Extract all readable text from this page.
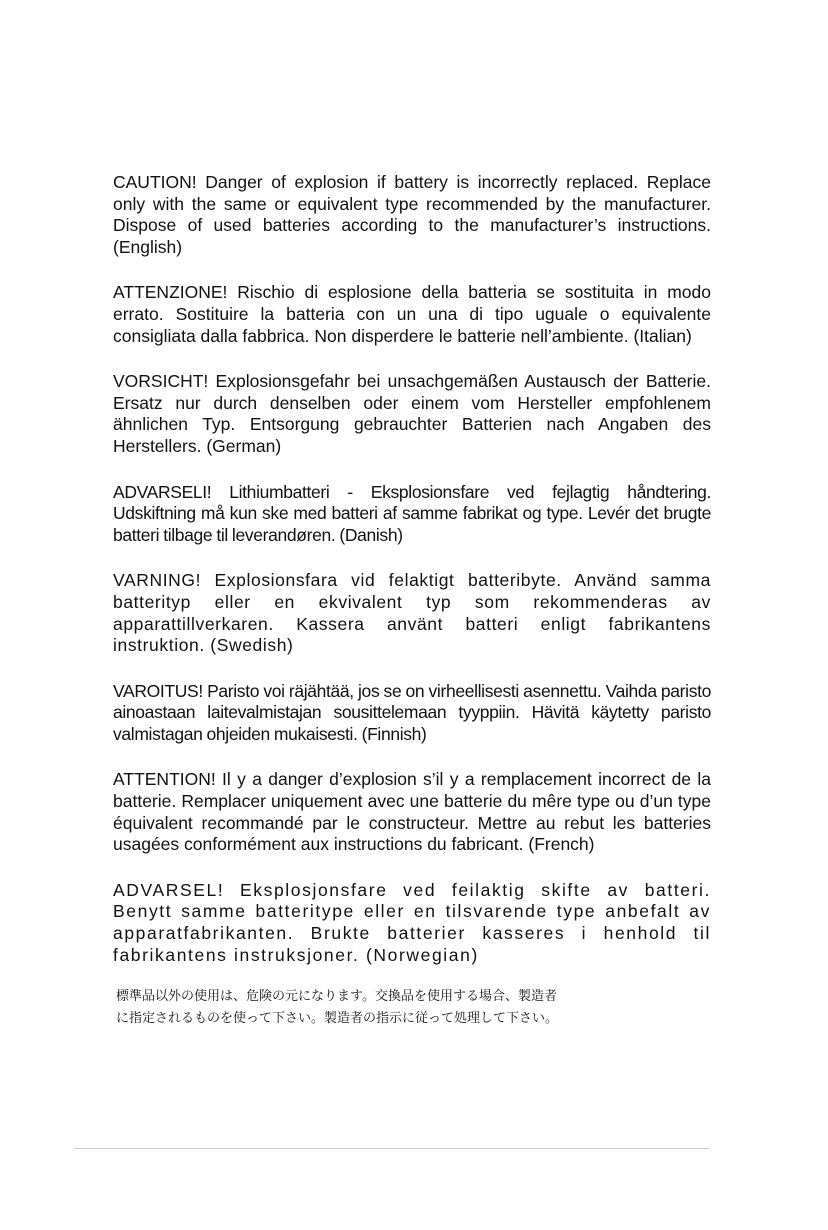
CAUTION! Danger of explosion if battery is incorrectly replaced. Replace only with the same or equivalent type recommended by the manufacturer. Dispose of used batteries according to the manufacturer’s instructions. (English)

ATTENZIONE! Rischio di esplosione della batteria se sostituita in modo errato. Sostituire la batteria con un una di tipo uguale o equivalente consigliata dalla fabbrica. Non disperdere le batterie nell’ambiente. (Italian)

VORSICHT! Explosionsgefahr bei unsachgemäßen Austausch der Batterie. Ersatz nur durch denselben oder einem vom Hersteller empfohlenem ähnlichen Typ. Entsorgung gebrauchter Batterien nach Angaben des Herstellers. (German)

ADVARSELI! Lithiumbatteri - Eksplosionsfare ved fejlagtig håndtering. Udskiftning må kun ske med batteri af samme fabrikat og type. Levér det brugte batteri tilbage til leverandøren. (Danish)

VARNING! Explosionsfara vid felaktigt batteribyte. Använd samma batterityp eller en ekvivalent typ som rekommenderas av apparattillverkaren. Kassera använt batteri enligt fabrikantens instruktion. (Swedish)

VAROITUS! Paristo voi räjähtää, jos se on virheellisesti asennettu. Vaihda paristo ainoastaan laitevalmistajan sousittelemaan tyyppiin. Hävitä käytetty paristo valmistagan ohjeiden mukaisesti. (Finnish)

ATTENTION! Il y a danger d’explosion s’il y a remplacement incorrect de la batterie. Remplacer uniquement avec une batterie du mêre type ou d’un type équivalent recommandé par le constructeur. Mettre au rebut les batteries usagées conformément aux instructions du fabricant. (French)

ADVARSEL! Eksplosjonsfare ved feilaktig skifte av batteri. Benytt samme batteritype eller en tilsvarende type anbefalt av apparatfabrikanten. Brukte batterier kasseres i henhold til fabrikantens instruksjoner. (Norwegian)

標準品以外の使用は、危険の元になります。交換品を使用する場合、製造者
に指定されるものを使って下さい。製造者の指示に従って処理して下さい。
